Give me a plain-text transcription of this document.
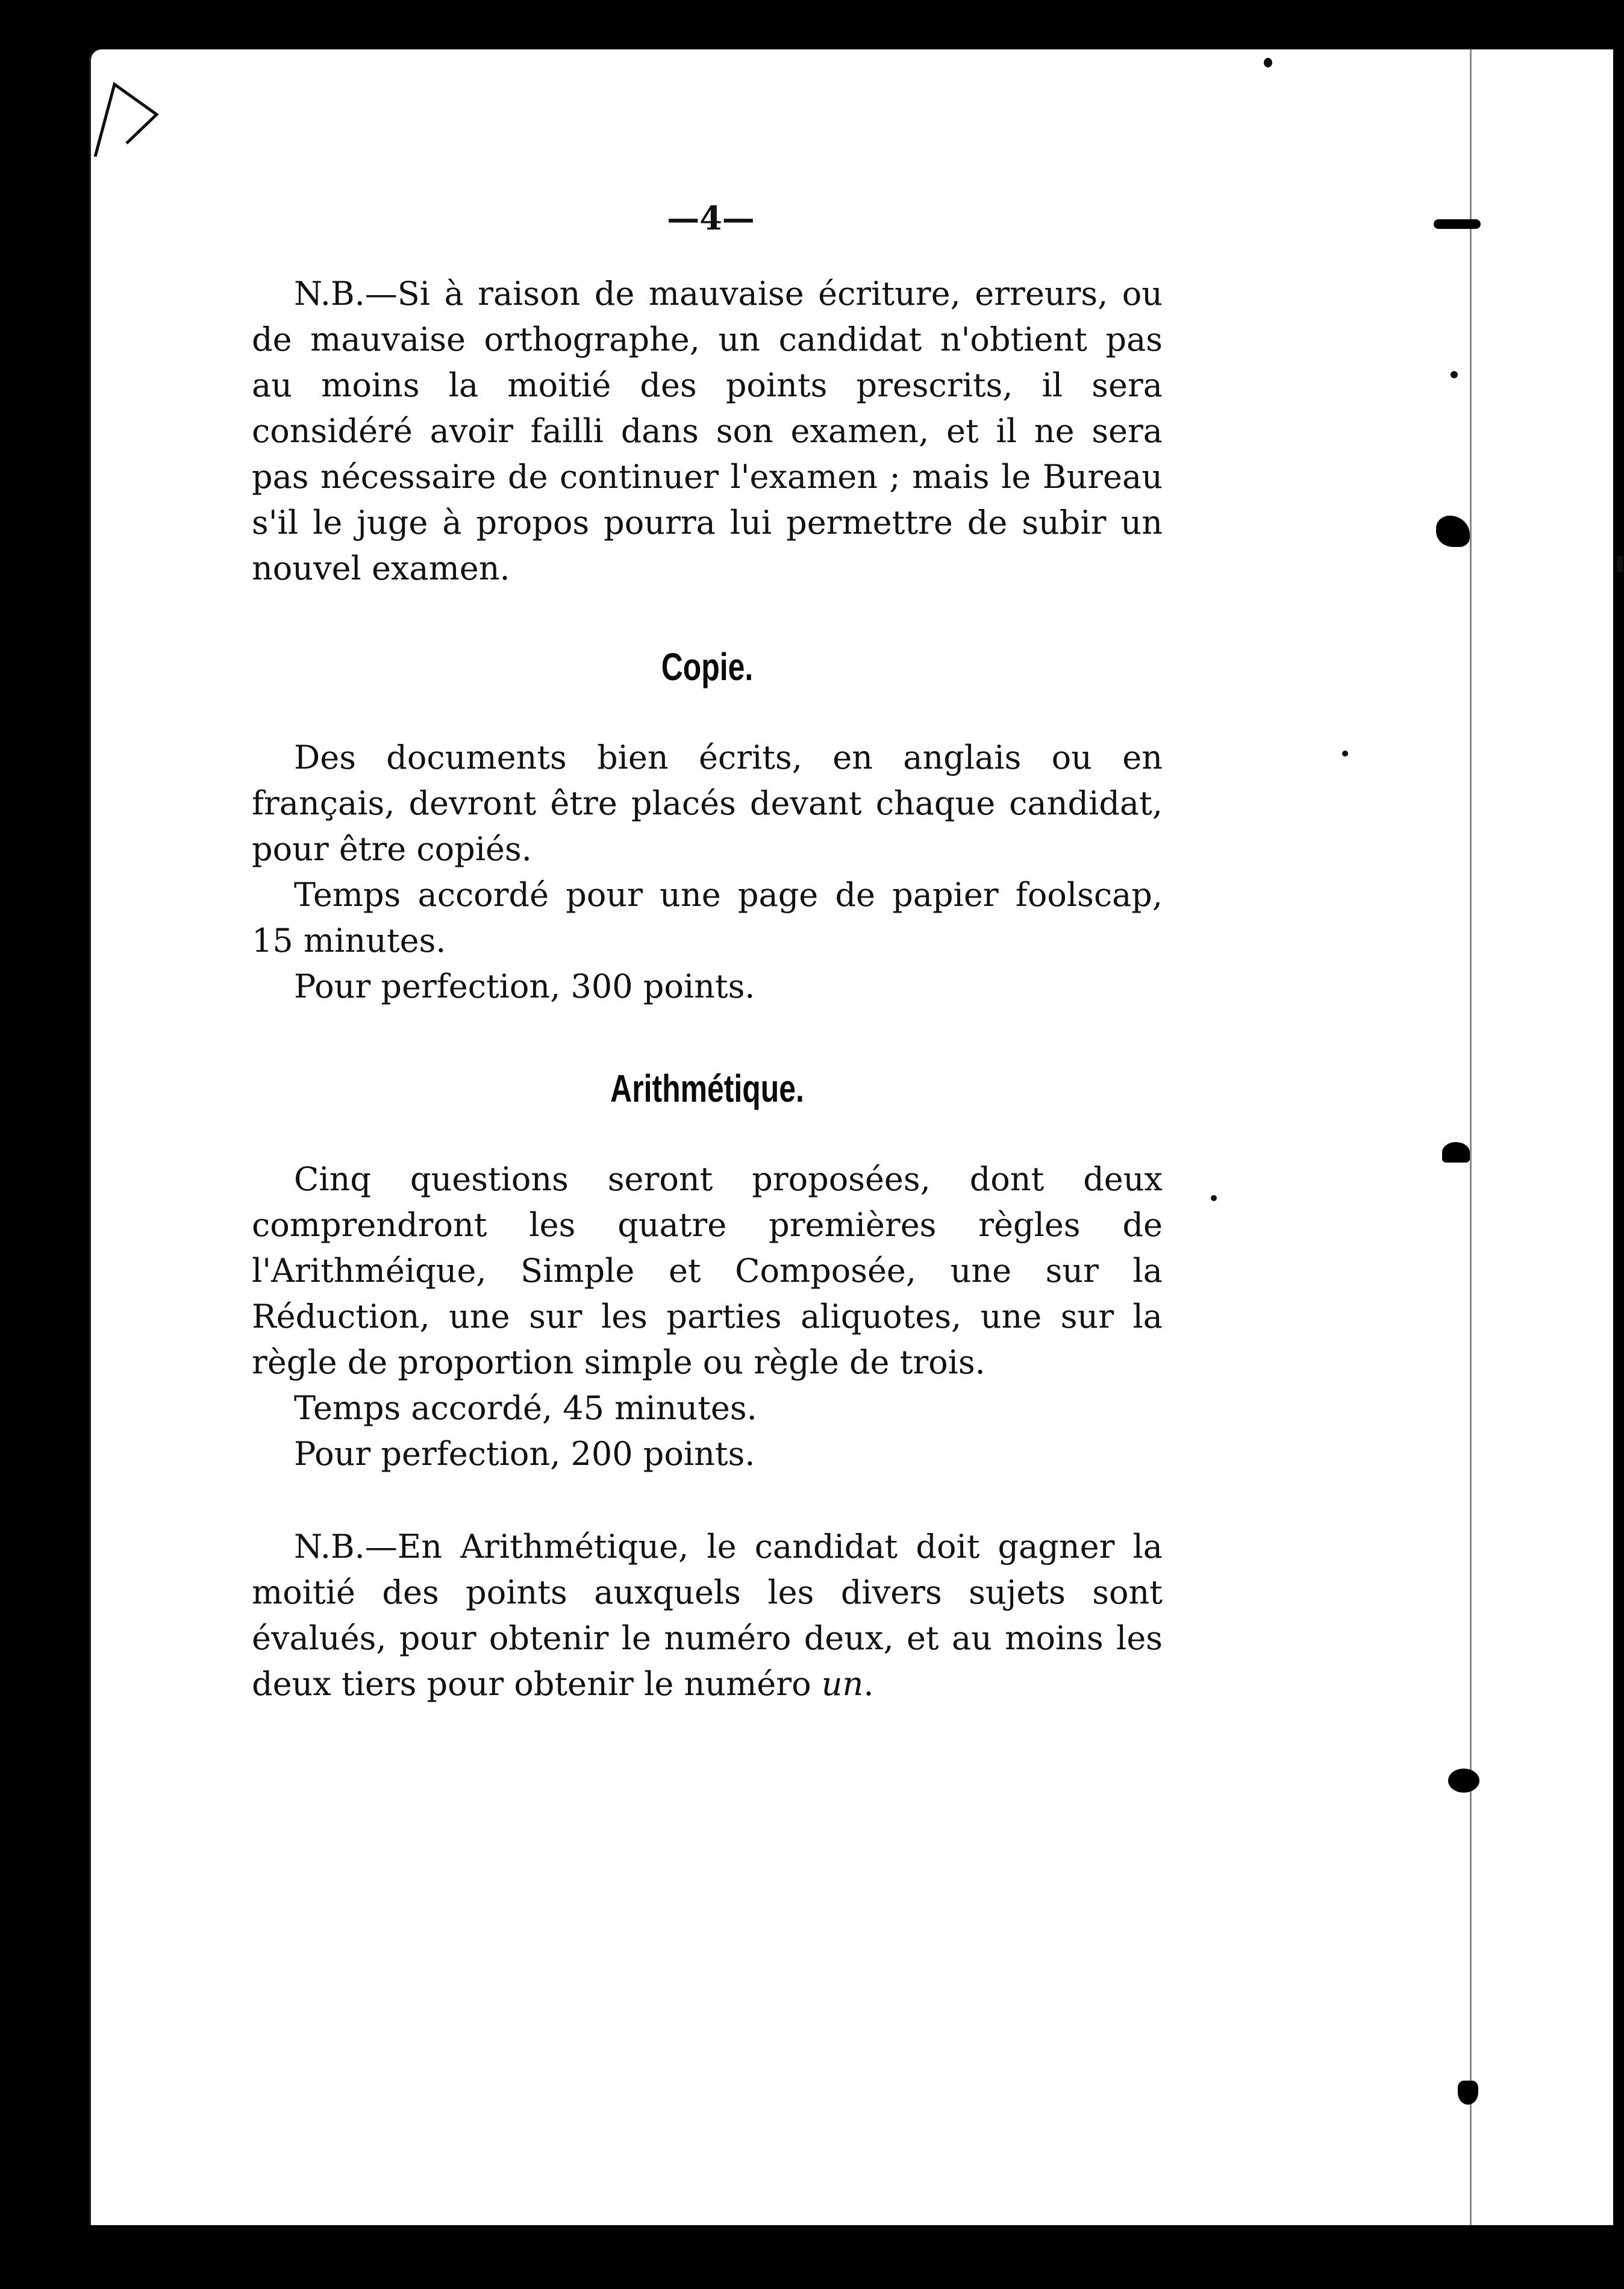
—4—

N.B.—Si à raison de mauvaise écriture, erreurs, ou de mauvaise orthographe, un candidat n'obtient pas au moins la moitié des points prescrits, il sera considéré avoir failli dans son examen, et il ne sera pas nécessaire de continuer l'examen ; mais le Bureau s'il le juge à propos pourra lui permettre de subir un nouvel examen.

Copie.

Des documents bien écrits, en anglais ou en français, devront être placés devant chaque candidat, pour être copiés.

Temps accordé pour une page de papier foolscap, 15 minutes.

Pour perfection, 300 points.

Arithmétique.

Cinq questions seront proposées, dont deux comprendront les quatre premières règles de l'Arithméique, Simple et Composée, une sur la Réduction, une sur les parties aliquotes, une sur la règle de proportion simple ou règle de trois.

Temps accordé, 45 minutes.

Pour perfection, 200 points.

N.B.—En Arithmétique, le candidat doit gagner la moitié des points auxquels les divers sujets sont évalués, pour obtenir le numéro deux, et au moins les deux tiers pour obtenir le numéro un.
